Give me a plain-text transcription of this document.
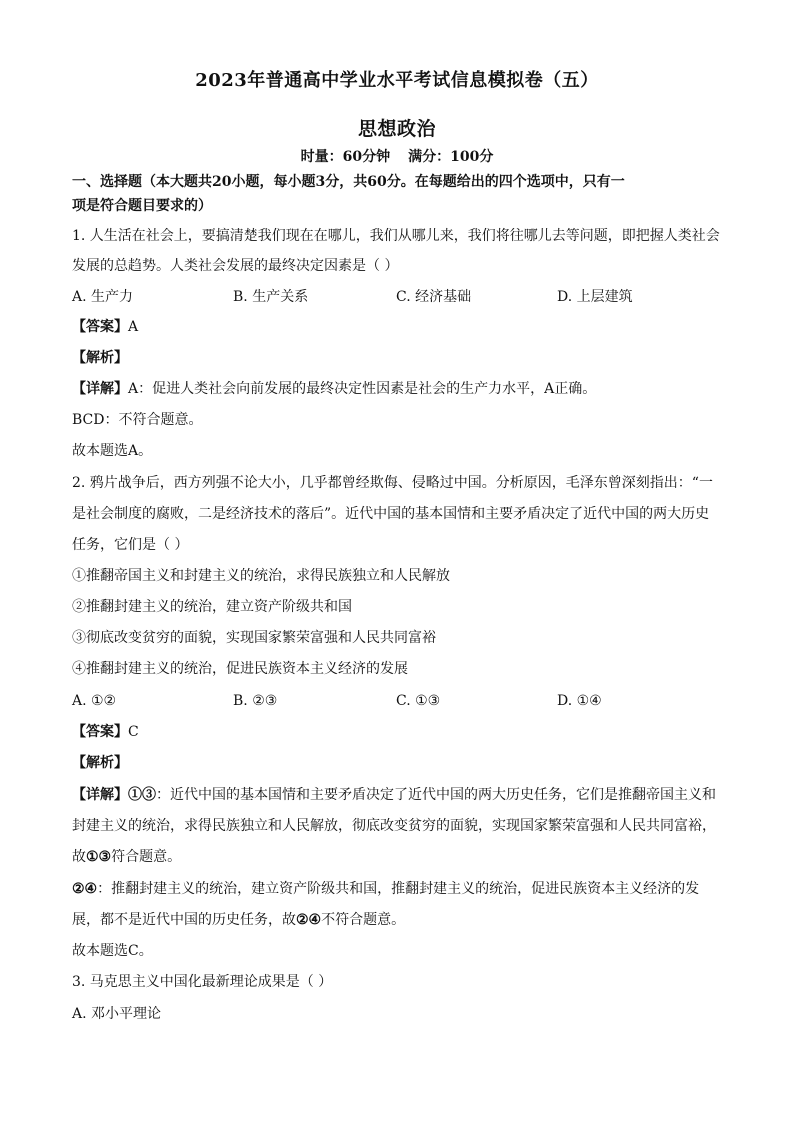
2023年普通高中学业水平考试信息模拟卷（五）
思想政治
时量：60分钟 满分：100分
一、选择题（本大题共20小题，每小题3分，共60分。在每题给出的四个选项中，只有一
项是符合题目要求的）
1. 人生活在社会上，要搞清楚我们现在在哪儿，我们从哪儿来，我们将往哪儿去等问题，即把握人类社会
发展的总趋势。人类社会发展的最终决定因素是（ ）
A. 生产力	B. 生产关系	C. 经济基础	D. 上层建筑
【答案】A
【解析】
【详解】A：促进人类社会向前发展的最终决定性因素是社会的生产力水平，A正确。
BCD：不符合题意。
故本题选A。
2. 鸦片战争后，西方列强不论大小，几乎都曾经欺侮、侵略过中国。分析原因，毛泽东曾深刻指出：“一
是社会制度的腐败，二是经济技术的落后”。近代中国的基本国情和主要矛盾决定了近代中国的两大历史
任务，它们是（ ）
①推翻帝国主义和封建主义的统治，求得民族独立和人民解放
②推翻封建主义的统治，建立资产阶级共和国
③彻底改变贫穷的面貌，实现国家繁荣富强和人民共同富裕
④推翻封建主义的统治，促进民族资本主义经济的发展
A. ①②	B. ②③	C. ①③	D. ①④
【答案】C
【解析】
【详解】①③：近代中国的基本国情和主要矛盾决定了近代中国的两大历史任务，它们是推翻帝国主义和
封建主义的统治，求得民族独立和人民解放，彻底改变贫穷的面貌，实现国家繁荣富强和人民共同富裕，
故①③符合题意。
②④：推翻封建主义的统治，建立资产阶级共和国，推翻封建主义的统治，促进民族资本主义经济的发
展，都不是近代中国的历史任务，故②④不符合题意。
故本题选C。
3. 马克思主义中国化最新理论成果是（ ）
A. 邓小平理论
